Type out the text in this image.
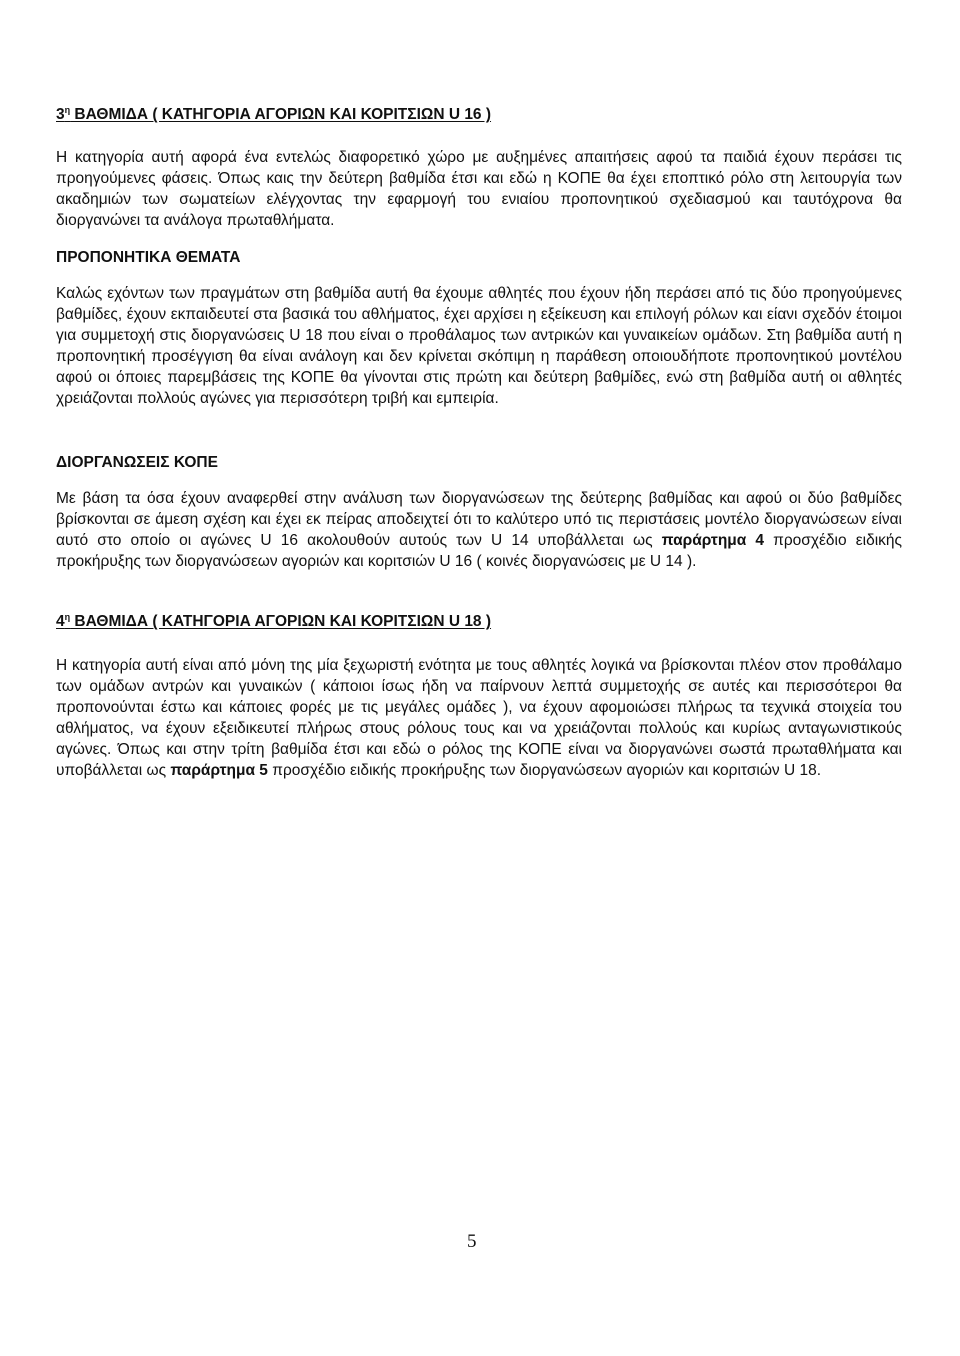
$3^\eta$ ΒΑΘΜΙΔΑ ( ΚΑΤΗΓΟΡΙΑ ΑΓΟΡΙΩΝ ΚΑΙ ΚΟΡΙΤΣΙΩΝ U 16 )
Η κατηγορία αυτή αφορά ένα εντελώς διαφορετικό χώρο με αυξημένες απαιτήσεις αφού τα παιδιά έχουν περάσει τις προηγούμενες φάσεις. Όπως καις την δεύτερη βαθμίδα έτσι και εδώ η ΚΟΠΕ θα έχει εποπτικό ρόλο στη λειτουργία των ακαδημιών των σωματείων ελέγχοντας την εφαρμογή του ενιαίου προπονητικού σχεδιασμού και ταυτόχρονα θα διοργανώνει τα ανάλογα πρωταθλήματα.
ΠΡΟΠΟΝΗΤΙΚΑ ΘΕΜΑΤΑ
Καλώς εχόντων των πραγμάτων στη βαθμίδα αυτή θα έχουμε αθλητές που έχουν ήδη περάσει από τις δύο προηγούμενες βαθμίδες, έχουν εκπαιδευτεί στα βασικά του αθλήματος, έχει αρχίσει η εξείκευση και επιλογή ρόλων και είανι σχεδόν έτοιμοι για συμμετοχή στις διοργανώσεις U 18 που είναι ο προθάλαμος των αντρικών και γυναικείων ομάδων. Στη βαθμίδα αυτή η προπονητική προσέγγιση θα είναι ανάλογη και δεν κρίνεται σκόπιμη η παράθεση οποιουδήποτε προπονητικού μοντέλου αφού οι όποιες παρεμβάσεις της ΚΟΠΕ θα γίνονται στις πρώτη και δεύτερη βαθμίδες, ενώ στη βαθμίδα αυτή οι αθλητές χρειάζονται πολλούς αγώνες για περισσότερη τριβή και εμπειρία.
ΔΙΟΡΓΑΝΩΣΕΙΣ ΚΟΠΕ
Με βάση τα όσα έχουν αναφερθεί στην ανάλυση των διοργανώσεων της δεύτερης βαθμίδας και αφού οι δύο βαθμίδες βρίσκονται σε άμεση σχέση και έχει εκ πείρας αποδειχτεί ότι το καλύτερο υπό τις περιστάσεις μοντέλο διοργανώσεων είναι αυτό στο οποίο οι αγώνες U 16 ακολουθούν αυτούς των U 14 υποβάλλεται ως παράρτημα 4 προσχέδιο ειδικής προκήρυξης των διοργανώσεων αγοριών και κοριτσιών U 16 ( κοινές διοργανώσεις με U 14 ).
$4^\eta$ ΒΑΘΜΙΔΑ ( ΚΑΤΗΓΟΡΙΑ ΑΓΟΡΙΩΝ ΚΑΙ ΚΟΡΙΤΣΙΩΝ U 18 )
Η κατηγορία αυτή είναι από μόνη της μία ξεχωριστή ενότητα με τους αθλητές λογικά να βρίσκονται πλέον στον προθάλαμο των ομάδων αντρών και γυναικών ( κάποιοι ίσως ήδη να παίρνουν λεπτά συμμετοχής σε αυτές και περισσότεροι θα προπονούνται έστω και κάποιες φορές με τις μεγάλες ομάδες ), να έχουν αφομοιώσει πλήρως τα τεχνικά στοιχεία του αθλήματος, να έχουν εξειδικευτεί πλήρως στους ρόλους τους και να χρειάζονται πολλούς και κυρίως ανταγωνιστικούς αγώνες. Όπως και στην τρίτη βαθμίδα έτσι και εδώ ο ρόλος της ΚΟΠΕ είναι να διοργανώνει σωστά πρωταθλήματα και υποβάλλεται ως παράρτημα 5 προσχέδιο ειδικής προκήρυξης των διοργανώσεων αγοριών και κοριτσιών U 18.
5
